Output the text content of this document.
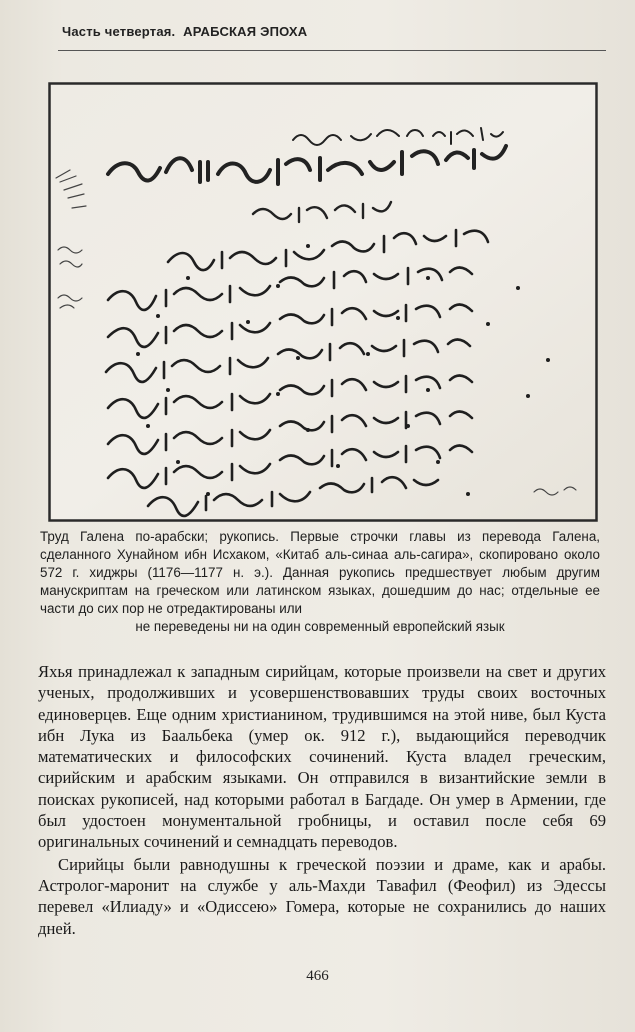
Часть четвертая. АРАБСКАЯ ЭПОХА
Труд Галена по-арабски; рукопись. Первые строчки главы из перевода Галена, сделанного Хунайном ибн Исхаком, «Китаб аль-синаа аль-сагира», скопировано около 572 г. хиджры (1176—1177 н. э.). Данная рукопись предшествует любым другим манускриптам на греческом или латинском языках, дошедшим до нас; отдельные ее части до сих пор не отредактированы или
не переведены ни на один современный европейский язык

Яхья принадлежал к западным сирийцам, которые произвели на свет и других ученых, продолживших и усовершенствовавших труды своих восточных единоверцев. Еще одним христианином, трудившимся на этой ниве, был Куста ибн Лука из Баальбека (умер ок. 912 г.), выдающийся переводчик математических и философских сочинений. Куста владел греческим, сирийским и арабским языками. Он отправился в византийские земли в поисках рукописей, над которыми работал в Багдаде. Он умер в Армении, где был удостоен монументальной гробницы, и оставил после себя 69 оригинальных сочинений и семнадцать переводов.

Сирийцы были равнодушны к греческой поэзии и драме, как и арабы. Астролог-маронит на службе у аль-Махди Тавафил (Феофил) из Эдессы перевел «Илиаду» и «Одиссею» Гомера, которые не сохранились до наших дней.

466
